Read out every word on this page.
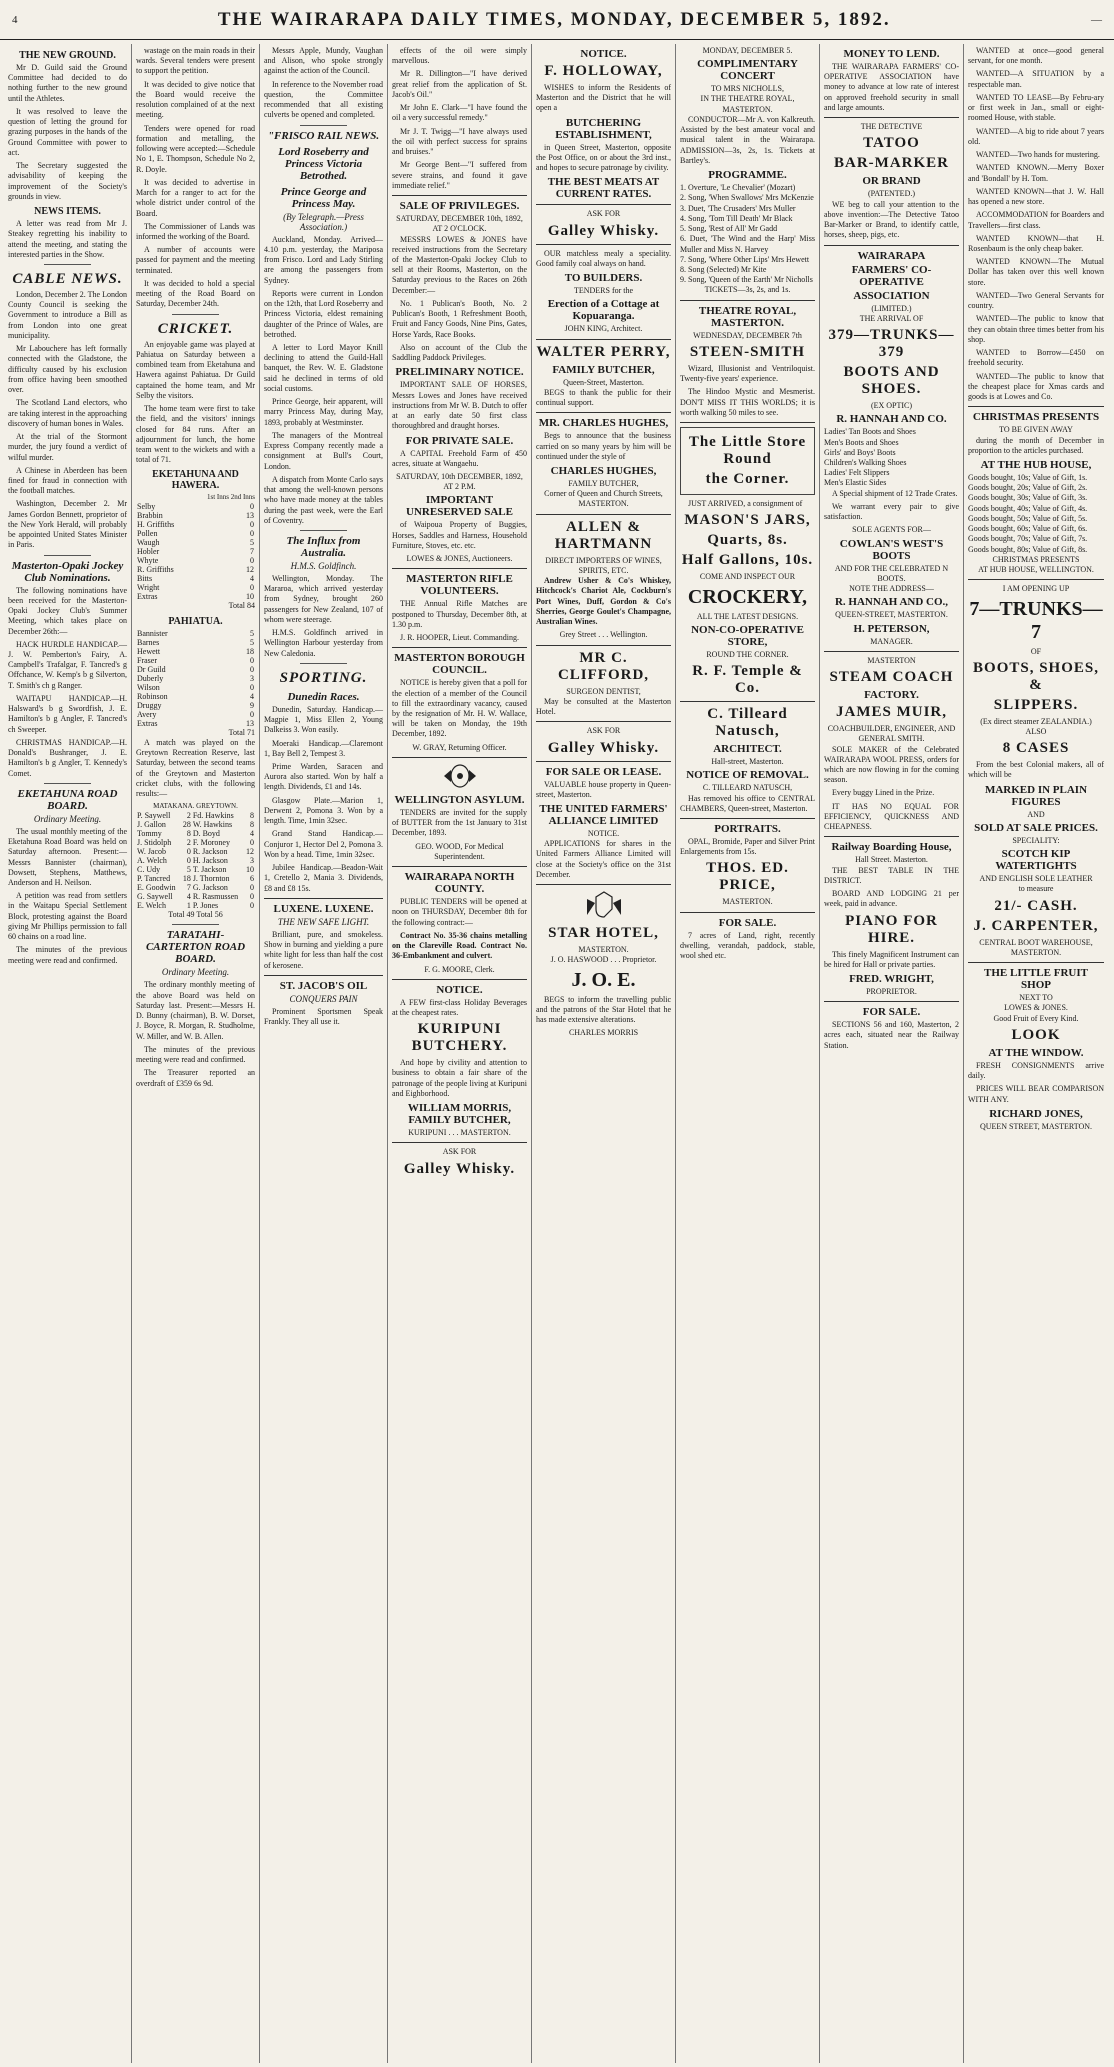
4	THE WAIRARAPA DAILY TIMES, MONDAY, DECEMBER 5, 1892.	—
THE NEW GROUND.

Mr D. Guild said the Ground Committee had decided to do nothing further to the new ground until the Athletes.

It was resolved to leave the question of letting the ground for grazing purposes in the hands of the Ground Committee with power to act.

The Secretary suggested the advisability of keeping the improvement of the Society's grounds in view.

NEWS ITEMS.

A letter was read from Mr J. Steakey regretting his inability to attend the meeting, and stating the interested parties in the Show.

CABLE NEWS.

London, December 2. The London County Council is seeking the Government to introduce a Bill as from London into one great municipality.

Mr Labouchere has left formally connected with the Gladstone, the difficulty caused by his exclusion from office having been smoothed over.

The Scotland Land electors, who are taking interest in the approaching discovery of human bones in Wales.

At the trial of the Stormont murder, the jury found a verdict of wilful murder.

A Chinese in Aberdeen has been fined for fraud in connection with the football matches.

Washington, December 2. Mr James Gordon Bennett, proprietor of the New York Herald, will probably be appointed United States Minister in Paris.

Masterton-Opaki Jockey Club Nominations.

The following nominations have been received for the Masterton-Opaki Jockey Club's Summer Meeting, which takes place on December 26th:—

HACK HURDLE HANDICAP.—J. W. Pemberton's Fairy, A. Campbell's Trafalgar, F. Tancred's g Offchance, W. Kemp's b g Silverton, T. Smith's ch g Ranger.

WAITAPU HANDICAP.—H. Halsward's b g Swordfish, J. E. Hamilton's b g Angler, F. Tancred's ch Sweeper.

CHRISTMAS HANDICAP.—H. Donald's Bushranger, J. E. Hamilton's b g Angler, T. Kennedy's Comet.

EKETAHUNA ROAD BOARD.
Ordinary Meeting.

The usual monthly meeting of the Eketahuna Road Board was held on Saturday afternoon. Present:—Messrs Bannister (chairman), Dowsett, Stephens, Matthews, Anderson and H. Neilson.

A petition was read from settlers in the Waitapu Special Settlement Block, protesting against the Board giving Mr Phillips permission to fall 60 chains on a road line.

The minutes of the previous meeting were read and confirmed.

wastage on the main roads in their wards. Several tenders were present to support the petition.

It was decided to give notice that the Board would receive the resolution complained of at the next meeting.

Tenders were opened for road formation and metalling, the following were accepted:—Schedule No 1, E. Thompson, Schedule No 2, R. Doyle.

It was decided to advertise in March for a ranger to act for the whole district under control of the Board.

The Commissioner of Lands was informed the working of the Board.

A number of accounts were passed for payment and the meeting terminated.

It was decided to hold a special meeting of the Road Board on Saturday, December 24th.

CRICKET.

An enjoyable game was played at Pahiatua on Saturday between a combined team from Eketahuna and Hawera against Pahiatua. Dr Guild captained the home team, and Mr Selby the visitors.

The home team were first to take the field, and the visitors' innings closed for 84 runs. After an adjournment for lunch, the home team went to the wickets and with a total of 71.

EKETAHUNA AND HAWERA.
1st Inns 2nd Inns
Selby	0
Brabbin	13
H. Griffiths	0
Pollen	0
Waugh	5
Hobler	7
Whyte	0
R. Griffiths	12
Bitts	4
Wright	0
Extras	10
Total 84
PAHIATUA.
Bannister	5
Barnes	5
Hewett	18
Fraser	0
Dr Guild	0
Duberly	3
Wilson	0
Robinson	4
Druggy	9
Avery	0
Extras	13
Total 71

A match was played on the Greytown Recreation Reserve, last Saturday, between the second teams of the Greytown and Masterton cricket clubs, with the following results:—

MATAKANA. GREYTOWN.
P. Saywell	2	Fd. Hawkins	8
J. Gallon	28	W. Hawkins	8
Tommy	8	D. Boyd	4
J. Stidolph	2	F. Moroney	0
W. Jacob	0	R. Jackson	12
A. Welch	0	H. Jackson	3
C. Udy	5	T. Jackson	10
P. Tancred	18	J. Thornton	6
E. Goodwin	7	G. Jackson	0
G. Saywell	4	R. Rasmussen	0
E. Welch	1	P. Jones	0
Total 49 Total 56
TARATAHI-CARTERTON ROAD BOARD.
Ordinary Meeting.

The ordinary monthly meeting of the above Board was held on Saturday last. Present:—Messrs H. D. Bunny (chairman), B. W. Dorset, J. Boyce, R. Morgan, R. Studholme, W. Miller, and W. B. Allen.

The minutes of the previous meeting were read and confirmed.

The Treasurer reported an overdraft of £359 6s 9d.

Messrs Apple, Mundy, Vaughan and Alison, who spoke strongly against the action of the Council.

In reference to the November road question, the Committee recommended that all existing culverts be opened and completed.

"FRISCO RAIL NEWS.
Lord Roseberry and Princess Victoria Betrothed.
Prince George and Princess May.
(By Telegraph.—Press Association.)

Auckland, Monday. Arrived—4.10 p.m. yesterday, the Mariposa from Frisco. Lord and Lady Stirling are among the passengers from Sydney.

Reports were current in London on the 12th, that Lord Roseberry and Princess Victoria, eldest remaining daughter of the Prince of Wales, are betrothed.

A letter to Lord Mayor Knill declining to attend the Guild-Hall banquet, the Rev. W. E. Gladstone said he declined in terms of old social customs.

Prince George, heir apparent, will marry Princess May, during May, 1893, probably at Westminster.

The managers of the Montreal Express Company recently made a consignment at Bull's Court, London.

A dispatch from Monte Carlo says that among the well-known persons who have made money at the tables during the past week, were the Earl of Coventry.

The Influx from Australia.
H.M.S. Goldfinch.

Wellington, Monday. The Mararoa, which arrived yesterday from Sydney, brought 260 passengers for New Zealand, 107 of whom were steerage.

H.M.S. Goldfinch arrived in Wellington Harbour yesterday from New Caledonia.

SPORTING.
Dunedin Races.

Dunedin, Saturday. Handicap.—Magpie 1, Miss Ellen 2, Young Dalkeiss 3. Won easily.

Moeraki Handicap.—Claremont 1, Bay Bell 2, Tempest 3.

Prime Warden, Saracen and Aurora also started. Won by half a length. Dividends, £1 and 14s.

Glasgow Plate.—Marion 1, Derwent 2, Pomona 3. Won by a length. Time, 1min 32sec.

Grand Stand Handicap.—Conjuror 1, Hector Del 2, Pomona 3. Won by a head. Time, 1min 32sec.

Jubilee Handicap.—Beadon-Wait 1, Cretello 2, Mania 3. Dividends, £8 and £8 15s.

LUXENE. LUXENE.
THE NEW SAFE LIGHT.

Brilliant, pure, and smokeless. Show in burning and yielding a pure white light for less than half the cost of kerosene.

ST. JACOB'S OIL
CONQUERS PAIN

Prominent Sportsmen Speak Frankly. They all use it.

effects of the oil were simply marvellous.

Mr R. Dillington—"I have derived great relief from the application of St. Jacob's Oil."

Mr John E. Clark—"I have found the oil a very successful remedy."

Mr J. T. Twigg—"I have always used the oil with perfect success for sprains and bruises."

Mr George Bent—"I suffered from severe strains, and found it gave immediate relief."

SALE OF PRIVILEGES.
SATURDAY, DECEMBER 10th, 1892, AT 2 O'CLOCK.

MESSRS LOWES & JONES have received instructions from the Secretary of the Masterton-Opaki Jockey Club to sell at their Rooms, Masterton, on the Saturday previous to the Races on 26th December:—

No. 1 Publican's Booth, No. 2 Publican's Booth, 1 Refreshment Booth, Fruit and Fancy Goods, Nine Pins, Gates, Horse Yards, Race Books.

Also on account of the Club the Saddling Paddock Privileges.

PRELIMINARY NOTICE.

IMPORTANT SALE OF HORSES, Messrs Lowes and Jones have received instructions from Mr W. B. Dutch to offer at an early date 50 first class thoroughbred and draught horses.

FOR PRIVATE SALE.

A CAPITAL Freehold Farm of 450 acres, situate at Wangaehu.

SATURDAY, 10th DECEMBER, 1892, AT 2 P.M.
IMPORTANT UNRESERVED SALE

of Waipoua Property of Buggies, Horses, Saddles and Harness, Household Furniture, Stoves, etc. etc.

LOWES & JONES, Auctioneers.
MASTERTON RIFLE VOLUNTEERS.

THE Annual Rifle Matches are postponed to Thursday, December 8th, at 1.30 p.m.

J. R. HOOPER, Lieut. Commanding.
MASTERTON BOROUGH COUNCIL.

NOTICE is hereby given that a poll for the election of a member of the Council to fill the extraordinary vacancy, caused by the resignation of Mr. H. W. Wallace, will be taken on Monday, the 19th December, 1892.

W. GRAY, Returning Officer.
WELLINGTON ASYLUM.

TENDERS are invited for the supply of BUTTER from the 1st January to 31st December, 1893.

GEO. WOOD, For Medical Superintendent.
WAIRARAPA NORTH COUNTY.

PUBLIC TENDERS will be opened at noon on THURSDAY, December 8th for the following contract:—

Contract No. 35-36 chains metalling on the Clareville Road. Contract No. 36-Embankment and culvert.

F. G. MOORE, Clerk.
NOTICE.

A FEW first-class Holiday Beverages at the cheapest rates.

KURIPUNI BUTCHERY.

And hope by civility and attention to business to obtain a fair share of the patronage of the people living at Kuripuni and Eighborhood.

WILLIAM MORRIS, FAMILY BUTCHER,
KURIPUNI . . . MASTERTON.
ASK FOR
Galley Whisky.
NOTICE.
F. HOLLOWAY,

WISHES to inform the Residents of Masterton and the District that he will open a

BUTCHERING ESTABLISHMENT,

in Queen Street, Masterton, opposite the Post Office, on or about the 3rd inst., and hopes to secure patronage by civility.

THE BEST MEATS AT CURRENT RATES.
ASK FOR
Galley Whisky.

OUR matchless mealy a speciality. Good family coal always on hand.

TO BUILDERS.
TENDERS for the
Erection of a Cottage at Kopuaranga.
JOHN KING, Architect.
WALTER PERRY,
FAMILY BUTCHER,
Queen-Street, Masterton.

BEGS to thank the public for their continual support.

MR. CHARLES HUGHES,

Begs to announce that the business carried on so many years by him will be continued under the style of

CHARLES HUGHES,
FAMILY BUTCHER,
Corner of Queen and Church Streets, MASTERTON.
ALLEN & HARTMANN
DIRECT IMPORTERS OF WINES, SPIRITS, ETC.

Andrew Usher & Co's Whiskey, Hitchcock's Chariot Ale, Cockburn's Port Wines, Duff, Gordon & Co's Sherries, George Goulet's Champagne, Australian Wines.

Grey Street . . . Wellington.
MR C. CLIFFORD,
SURGEON DENTIST,

May be consulted at the Masterton Hotel.

ASK FOR
Galley Whisky.
FOR SALE OR LEASE.

VALUABLE house property in Queen-street, Masterton.

THE UNITED FARMERS' ALLIANCE LIMITED
NOTICE.

APPLICATIONS for shares in the United Farmers Alliance Limited will close at the Society's office on the 31st December.

STAR HOTEL,
MASTERTON.
J. O. HASWOOD . . . Proprietor.
J. O. E.

BEGS to inform the travelling public and the patrons of the Star Hotel that he has made extensive alterations.

CHARLES MORRIS
MONDAY, DECEMBER 5.
COMPLIMENTARY CONCERT
TO MRS NICHOLLS,
IN THE THEATRE ROYAL, MASTERTON.

CONDUCTOR—Mr A. von Kalkreuth. Assisted by the best amateur vocal and musical talent in the Wairarapa. ADMISSION—3s, 2s, 1s. Tickets at Bartley's.

PROGRAMME.
1. Overture, 'Le Chevalier' (Mozart)
2. Song, 'When Swallows' Mrs McKenzie
3. Duet, 'The Crusaders' Mrs Muller
4. Song, 'Tom Till Death' Mr Black
5. Song, 'Rest of All' Mr Gadd
6. Duet, 'The Wind and the Harp' Miss Muller and Miss N. Harvey
7. Song, 'Where Other Lips' Mrs Hewett
8. Song (Selected) Mr Kite
9. Song, 'Queen of the Earth' Mr Nicholls
TICKETS—3s, 2s, and 1s.
THEATRE ROYAL, MASTERTON.
WEDNESDAY, DECEMBER 7th
STEEN-SMITH

Wizard, Illusionist and Ventriloquist. Twenty-five years' experience.

The Hindoo Mystic and Mesmerist. DON'T MISS IT THIS WORLDS; it is worth walking 50 miles to see.

The Little Store Round
the Corner.

JUST ARRIVED, a consignment of

MASON'S JARS,
Quarts, 8s.
Half Gallons, 10s.
COME AND INSPECT OUR
CROCKERY,
ALL THE LATEST DESIGNS.
NON-CO-OPERATIVE STORE,
ROUND THE CORNER.
R. F. Temple & Co.
C. Tilleard Natusch,
ARCHITECT.
Hall-street, Masterton.
NOTICE OF REMOVAL.
C. TILLEARD NATUSCH,

Has removed his office to CENTRAL CHAMBERS, Queen-street, Masterton.

PORTRAITS.

OPAL, Bromide, Paper and Silver Print Enlargements from 15s.

THOS. ED. PRICE,
MASTERTON.
FOR SALE.

7 acres of Land, right, recently dwelling, verandah, paddock, stable, wool shed etc.

MONEY TO LEND.

THE WAIRARAPA FARMERS' CO-OPERATIVE ASSOCIATION have money to advance at low rate of interest on approved freehold security in small and large amounts.

THE DETECTIVE
TATOO
BAR-MARKER
OR BRAND
(PATENTED.)

WE beg to call your attention to the above invention:—The Detective Tatoo Bar-Marker or Brand, to identify cattle, horses, sheep, pigs, etc.

WAIRARAPA
FARMERS' CO-OPERATIVE
ASSOCIATION
(LIMITED.)
THE ARRIVAL OF
379—TRUNKS—379
BOOTS AND SHOES.
(EX OPTIC)
R. HANNAH AND CO.
Ladies' Tan Boots and Shoes
Men's Boots and Shoes
Girls' and Boys' Boots
Children's Walking Shoes
Ladies' Felt Slippers
Men's Elastic Sides

A Special shipment of 12 Trade Crates.

We warrant every pair to give satisfaction.

SOLE AGENTS FOR—
COWLAN'S WEST'S BOOTS
AND FOR THE CELEBRATED N BOOTS.
NOTE THE ADDRESS—
R. HANNAH AND CO.,
QUEEN-STREET, MASTERTON.
H. PETERSON,
MANAGER.
MASTERTON
STEAM COACH
FACTORY.
JAMES MUIR,
COACHBUILDER, ENGINEER, AND GENERAL SMITH.

SOLE MAKER of the Celebrated WAIRARAPA WOOL PRESS, orders for which are now flowing in for the coming season.

Every buggy Lined in the Prize.

IT HAS NO EQUAL FOR EFFICIENCY, QUICKNESS AND CHEAPNESS.

Railway Boarding House,
Hall Street. Masterton.

THE BEST TABLE IN THE DISTRICT.

BOARD AND LODGING 21 per week, paid in advance.

PIANO FOR HIRE.

This finely Magnificent Instrument can be hired for Hall or private parties.

FRED. WRIGHT,
PROPRIETOR.
FOR SALE.

SECTIONS 56 and 160, Masterton, 2 acres each, situated near the Railway Station.

WANTED at once—good general servant, for one month.

WANTED—A SITUATION by a respectable man.

WANTED TO LEASE—By Febru-ary or first week in Jan., small or eight-roomed House, with stable.

WANTED—A big to ride about 7 years old.

WANTED—Two hands for mustering.

WANTED KNOWN.—Merry Boxer and 'Bondall' by H. Tom.

WANTED KNOWN—that J. W. Hall has opened a new store.

ACCOMMODATION for Boarders and Travellers—first class.

WANTED KNOWN—that H. Rosenbaum is the only cheap baker.

WANTED KNOWN—The Mutual Dollar has taken over this well known store.

WANTED—Two General Servants for country.

WANTED—The public to know that they can obtain three times better from his shop.

WANTED to Borrow—£450 on freehold security.

WANTED—The public to know that the cheapest place for Xmas cards and goods is at Lowes and Co.

CHRISTMAS PRESENTS
TO BE GIVEN AWAY

during the month of December in proportion to the articles purchased.

AT THE HUB HOUSE,
Goods bought, 10s; Value of Gift, 1s.
Goods bought, 20s; Value of Gift, 2s.
Goods bought, 30s; Value of Gift, 3s.
Goods bought, 40s; Value of Gift, 4s.
Goods bought, 50s; Value of Gift, 5s.
Goods bought, 60s; Value of Gift, 6s.
Goods bought, 70s; Value of Gift, 7s.
Goods bought, 80s; Value of Gift, 8s.
CHRISTMAS PRESENTS
AT HUB HOUSE, WELLINGTON.
I AM OPENING UP
7—TRUNKS—7
OF
BOOTS, SHOES, &
SLIPPERS.
(Ex direct steamer ZEALANDIA.)
ALSO
8 CASES

From the best Colonial makers, all of which will be

MARKED IN PLAIN FIGURES
AND
SOLD AT SALE PRICES.
SPECIALITY:
SCOTCH KIP WATERTIGHTS
AND ENGLISH SOLE LEATHER
to measure
21/- CASH.
J. CARPENTER,
CENTRAL BOOT WAREHOUSE,
MASTERTON.
THE LITTLE FRUIT SHOP
NEXT TO
LOWES & JONES.
Good Fruit of Every Kind.
LOOK
AT THE WINDOW.

FRESH CONSIGNMENTS arrive daily.

PRICES WILL BEAR COMPARISON WITH ANY.

RICHARD JONES,
QUEEN STREET, MASTERTON.
